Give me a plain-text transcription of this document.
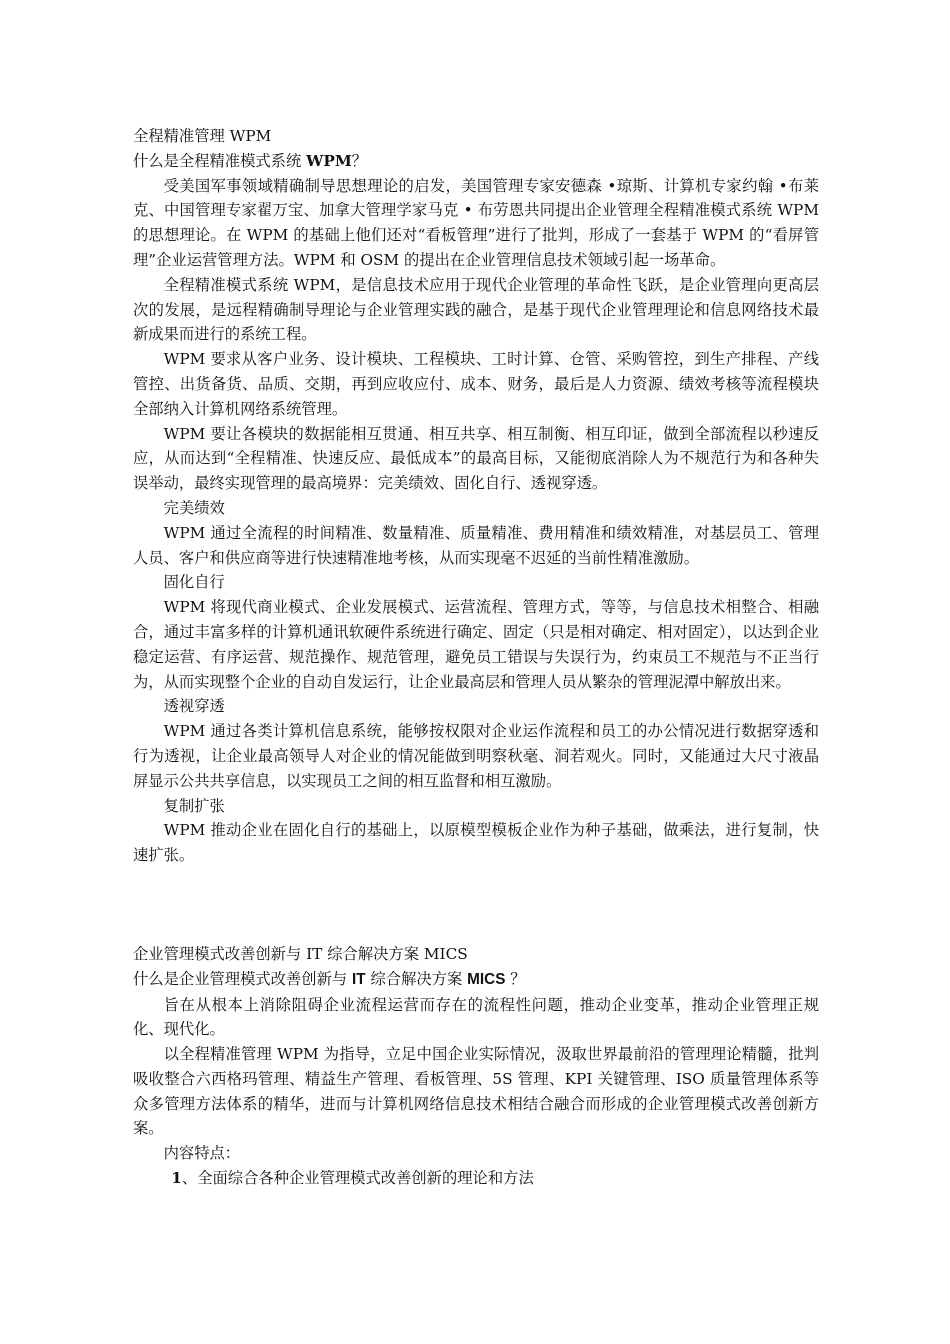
全程精准管理 WPM

什么是全程精准模式系统 WPM？

受美国军事领域精确制导思想理论的启发，美国管理专家安德森 •琼斯、计算机专家约翰 •布莱克、中国管理专家翟万宝、加拿大管理学家马克 • 布劳恩共同提出企业管理全程精准模式系统 WPM 的思想理论。在 WPM 的基础上他们还对“看板管理”进行了批判，形成了一套基于 WPM 的“看屏管理”企业运营管理方法。WPM 和 OSM 的提出在企业管理信息技术领域引起一场革命。

全程精准模式系统 WPM，是信息技术应用于现代企业管理的革命性飞跃，是企业管理向更高层次的发展，是远程精确制导理论与企业管理实践的融合，是基于现代企业管理理论和信息网络技术最新成果而进行的系统工程。

WPM 要求从客户业务、设计模块、工程模块、工时计算、仓管、采购管控，到生产排程、产线管控、出货备货、品质、交期，再到应收应付、成本、财务，最后是人力资源、绩效考核等流程模块全部纳入计算机网络系统管理。

WPM 要让各模块的数据能相互贯通、相互共享、相互制衡、相互印证，做到全部流程以秒速反应，从而达到“全程精准、快速反应、最低成本”的最高目标，又能彻底消除人为不规范行为和各种失误举动，最终实现管理的最高境界：完美绩效、固化自行、透视穿透。

完美绩效

WPM 通过全流程的时间精准、数量精准、质量精准、费用精准和绩效精准，对基层员工、管理人员、客户和供应商等进行快速精准地考核，从而实现毫不迟延的当前性精准激励。

固化自行

WPM 将现代商业模式、企业发展模式、运营流程、管理方式，等等，与信息技术相整合、相融合，通过丰富多样的计算机通讯软硬件系统进行确定、固定（只是相对确定、相对固定），以达到企业稳定运营、有序运营、规范操作、规范管理，避免员工错误与失误行为，约束员工不规范与不正当行为，从而实现整个企业的自动自发运行，让企业最高层和管理人员从繁杂的管理泥潭中解放出来。

透视穿透

WPM 通过各类计算机信息系统，能够按权限对企业运作流程和员工的办公情况进行数据穿透和行为透视，让企业最高领导人对企业的情况能做到明察秋毫、洞若观火。同时，又能通过大尺寸液晶屏显示公共共享信息，以实现员工之间的相互监督和相互激励。

复制扩张

WPM 推动企业在固化自行的基础上，以原模型模板企业作为种子基础，做乘法，进行复制，快速扩张。

企业管理模式改善创新与 IT 综合解决方案 MICS

什么是企业管理模式改善创新与 IT 综合解决方案 MICS ？

旨在从根本上消除阻碍企业流程运营而存在的流程性问题，推动企业变革，推动企业管理正规化、现代化。

以全程精准管理 WPM 为指导，立足中国企业实际情况，汲取世界最前沿的管理理论精髓，批判吸收整合六西格玛管理、精益生产管理、看板管理、5S 管理、KPI 关键管理、ISO 质量管理体系等众多管理方法体系的精华，进而与计算机网络信息技术相结合融合而形成的企业管理模式改善创新方案。

内容特点：

1、全面综合各种企业管理模式改善创新的理论和方法
